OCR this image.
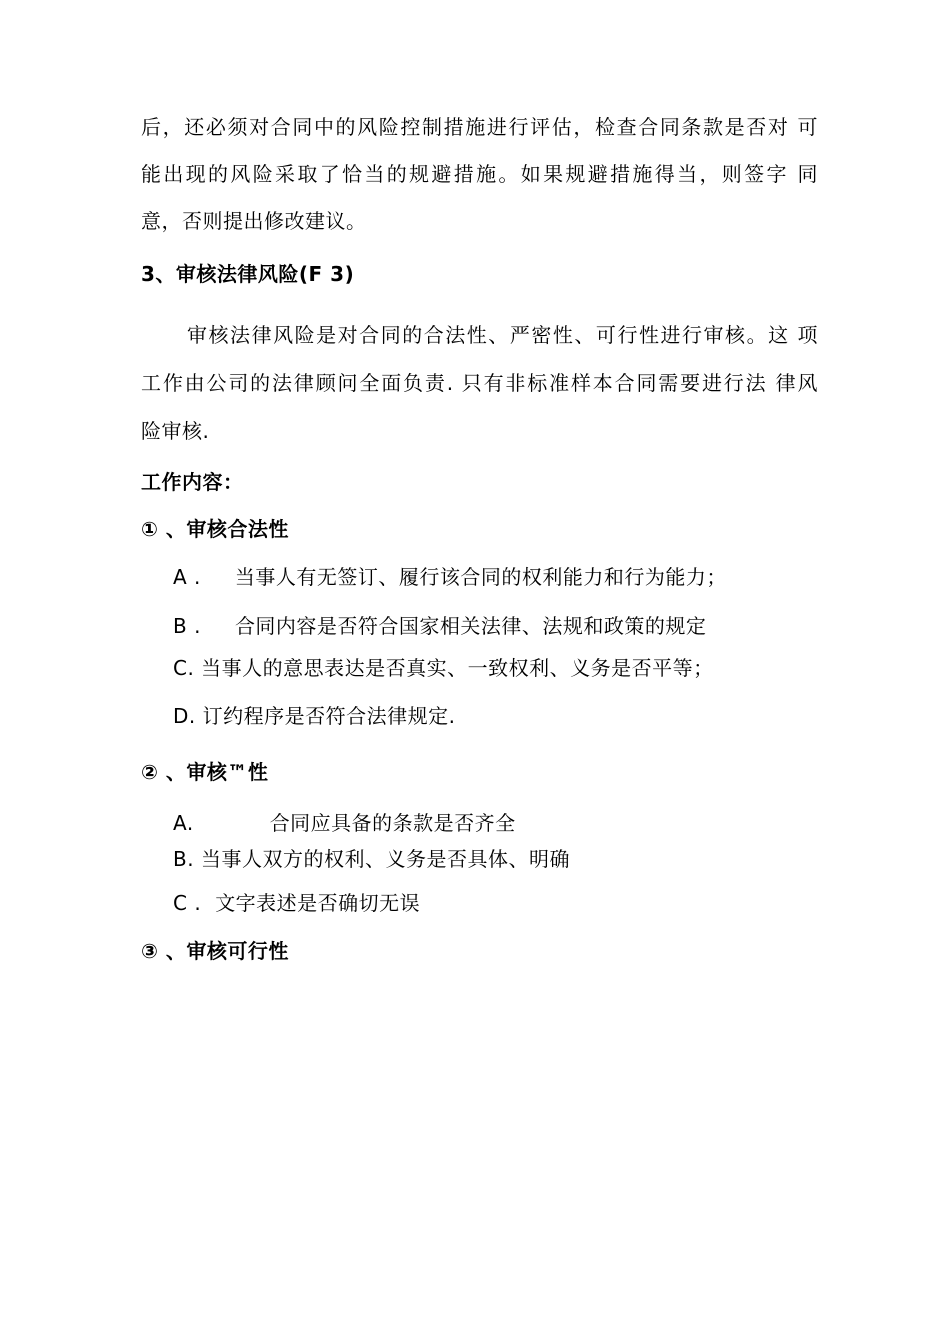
后，还必须对合同中的风险控制措施进行评估，检查合同条款是否对 可
能出现的风险采取了恰当的规避措施。如果规避措施得当，则签字 同
意，否则提出修改建议。
3、审核法律风险(F 3)
审核法律风险是对合同的合法性、严密性、可行性进行审核。这 项
工作由公司的法律顾问全面负责. 只有非标准样本合同需要进行法 律风
险审核.
工作内容：
① 、审核合法性
A . 当事人有无签订、履行该合同的权利能力和行为能力；
B . 合同内容是否符合国家相关法律、法规和政策的规定
C. 当事人的意思表达是否真实、一致权利、义务是否平等；
D. 订约程序是否符合法律规定.
② 、审核™性
A.	合同应具备的条款是否齐全
B. 当事人双方的权利、义务是否具体、明确
C . 文字表述是否确切无误
③ 、审核可行性
